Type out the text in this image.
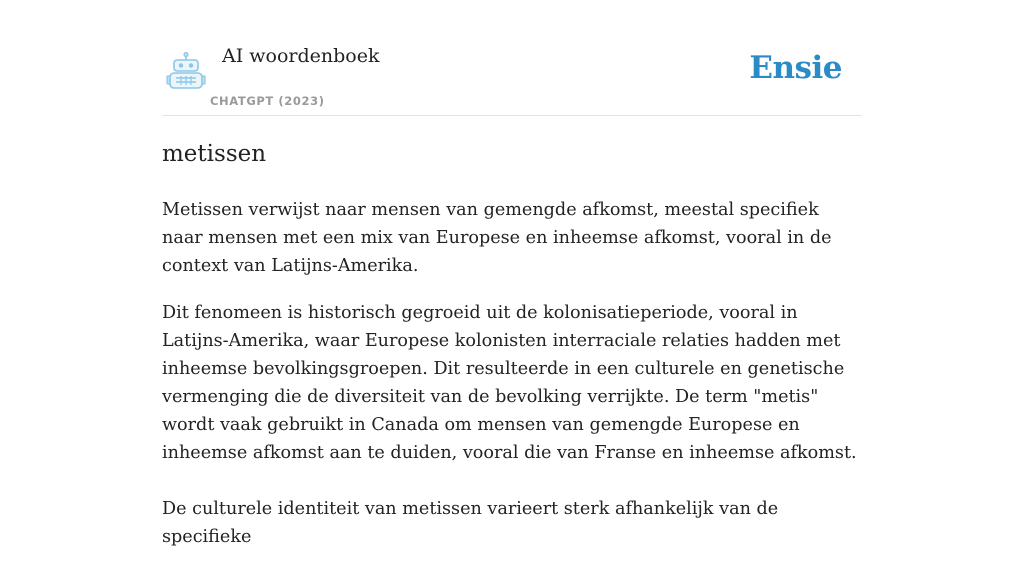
AI woordenboek
CHATGPT (2023)
Ensie
metissen

Metissen verwijst naar mensen van gemengde afkomst, meestal specifiek naar mensen met een mix van Europese en inheemse afkomst, vooral in de context van Latijns-Amerika.

Dit fenomeen is historisch gegroeid uit de kolonisatieperiode, vooral in Latijns-Amerika, waar Europese kolonisten interraciale relaties hadden met inheemse bevolkingsgroepen. Dit resulteerde in een culturele en genetische vermenging die de diversiteit van de bevolking verrijkte. De term "metis" wordt vaak gebruikt in Canada om mensen van gemengde Europese en inheemse afkomst aan te duiden, vooral die van Franse en inheemse afkomst.

De culturele identiteit van metissen varieert sterk afhankelijk van de specifieke
